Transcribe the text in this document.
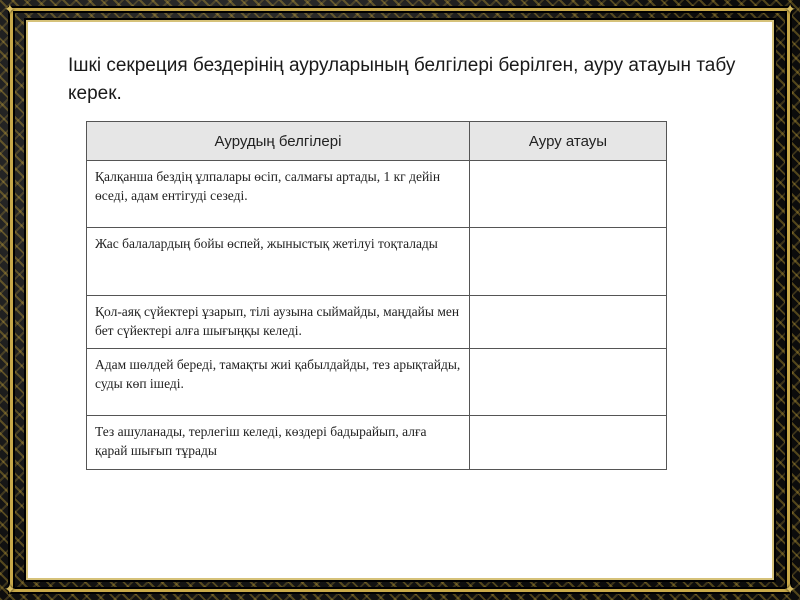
✦	✦
✦	✦
Ішкі секреция бездерінің ауруларының белгілері берілген, ауру атауын табу керек.
Аурудың белгілері	Ауру атауы
Қалқанша бездің ұлпалары өсіп, салмағы артады, 1 кг дейін өседі, адам ентігуді сезеді.	
Жас балалардың бойы өспей, жыныстық жетілуі тоқталады	
Қол-аяқ сүйектері ұзарып, тілі аузына сыймайды, маңдайы мен бет сүйектері алға шығыңқы келеді.	
Адам шөлдей береді, тамақты жиі қабылдайды, тез арықтайды, суды көп ішеді.	
Тез ашуланады, терлегіш келеді, көздері бадырайып, алға қарай шығып тұрады	
